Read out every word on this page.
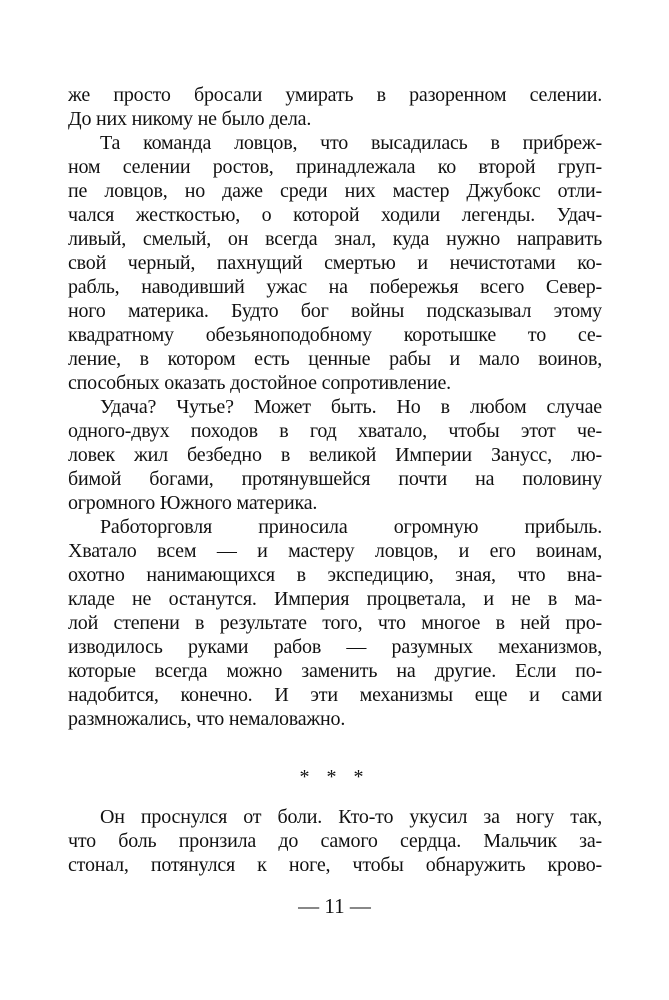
же просто бросали умирать в разоренном селении.
До них никому не было дела.
Та команда ловцов, что высадилась в прибреж-
ном селении ростов, принадлежала ко второй груп-
пе ловцов, но даже среди них мастер Джубокс отли-
чался жесткостью, о которой ходили легенды. Удач-
ливый, смелый, он всегда знал, куда нужно направить
свой черный, пахнущий смертью и нечистотами ко-
рабль, наводивший ужас на побережья всего Север-
ного материка. Будто бог войны подсказывал этому
квадратному обезьяноподобному коротышке то се-
ление, в котором есть ценные рабы и мало воинов,
способных оказать достойное сопротивление.
Удача? Чутье? Может быть. Но в любом случае
одного-двух походов в год хватало, чтобы этот че-
ловек жил безбедно в великой Империи Занусс, лю-
бимой богами, протянувшейся почти на половину
огромного Южного материка.
Работорговля приносила огромную прибыль.
Хватало всем — и мастеру ловцов, и его воинам,
охотно нанимающихся в экспедицию, зная, что вна-
кладе не останутся. Империя процветала, и не в ма-
лой степени в результате того, что многое в ней про-
изводилось руками рабов — разумных механизмов,
которые всегда можно заменить на другие. Если по-
надобится, конечно. И эти механизмы еще и сами
размножались, что немаловажно.
* * *
Он проснулся от боли. Кто-то укусил за ногу так,
что боль пронзила до самого сердца. Мальчик за-
стонал, потянулся к ноге, чтобы обнаружить крово-
— 11 —
